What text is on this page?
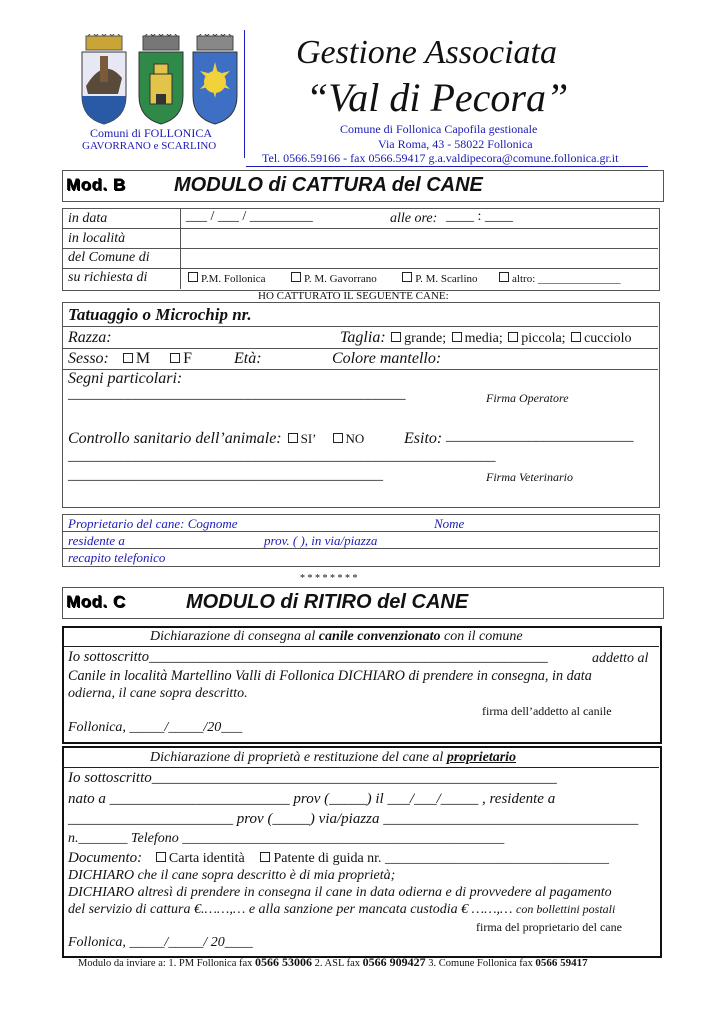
Comuni di FOLLONICA
GAVORRANO e SCARLINO
Gestione Associata
“Val di Pecora”
Comune di Follonica Capofila gestionale
Via Roma, 43 - 58022 Follonica
Tel. 0566.59166 - fax 0566.59417 g.a.valdipecora@comune.follonica.gr.it
Mod. B MODULO di CATTURA del CANE
in data	___ / ___ / _________	alle ore: ____ : ____
in località
del Comune di
su richiesta di	P.M. Follonica	P. M. Gavorrano	P. M. Scarlino	altro: _______________
HO CATTURATO IL SEGUENTE CANE:
Tatuaggio o Microchip nr.
Razza:	Taglia: grande; media; piccola; cucciolo
Sesso: M F	Età:	Colore mantello:
Segni particolari:
_____________________________________________	Firma Operatore
Controllo sanitario dell’animale: SI’ NO Esito: _________________________
_________________________________________________________
__________________________________________	Firma Veterinario
Proprietario del cane: Cognome	Nome
residente a	prov. ( ), in via/piazza
recapito telefonico
* * * * * * * *
Mod. C	MODULO di RITIRO del CANE
Dichiarazione di consegna al canile convenzionato con il comune
Io sottoscritto_______________________________________________________	addetto al
Canile in località Martellino Valli di Follonica DICHIARO di prendere in consegna, in data
odierna, il cane sopra descritto.
firma dell’addetto al canile
Follonica, _____/_____/20___
Dichiarazione di proprietà e restituzione del cane al proprietario
Io sottoscritto______________________________________________________
nato a ________________________ prov (_____) il ___/___/_____ , residente a
______________________ prov (_____) via/piazza __________________________________
n._______ Telefono ______________________________________________
Documento: Carta identità Patente di guida nr. ________________________________
DICHIARO che il cane sopra descritto è di mia proprietà;
DICHIARO altresì di prendere in consegna il cane in data odierna e di provvedere al pagamento
del servizio di cattura €.……,… e alla sanzione per mancata custodia € ……,… con bollettini postali
firma del proprietario del cane
Follonica, _____/_____/ 20____
Modulo da inviare a: 1. PM Follonica fax 0566 53006 2. ASL fax 0566 909427 3. Comune Follonica fax 0566 59417
